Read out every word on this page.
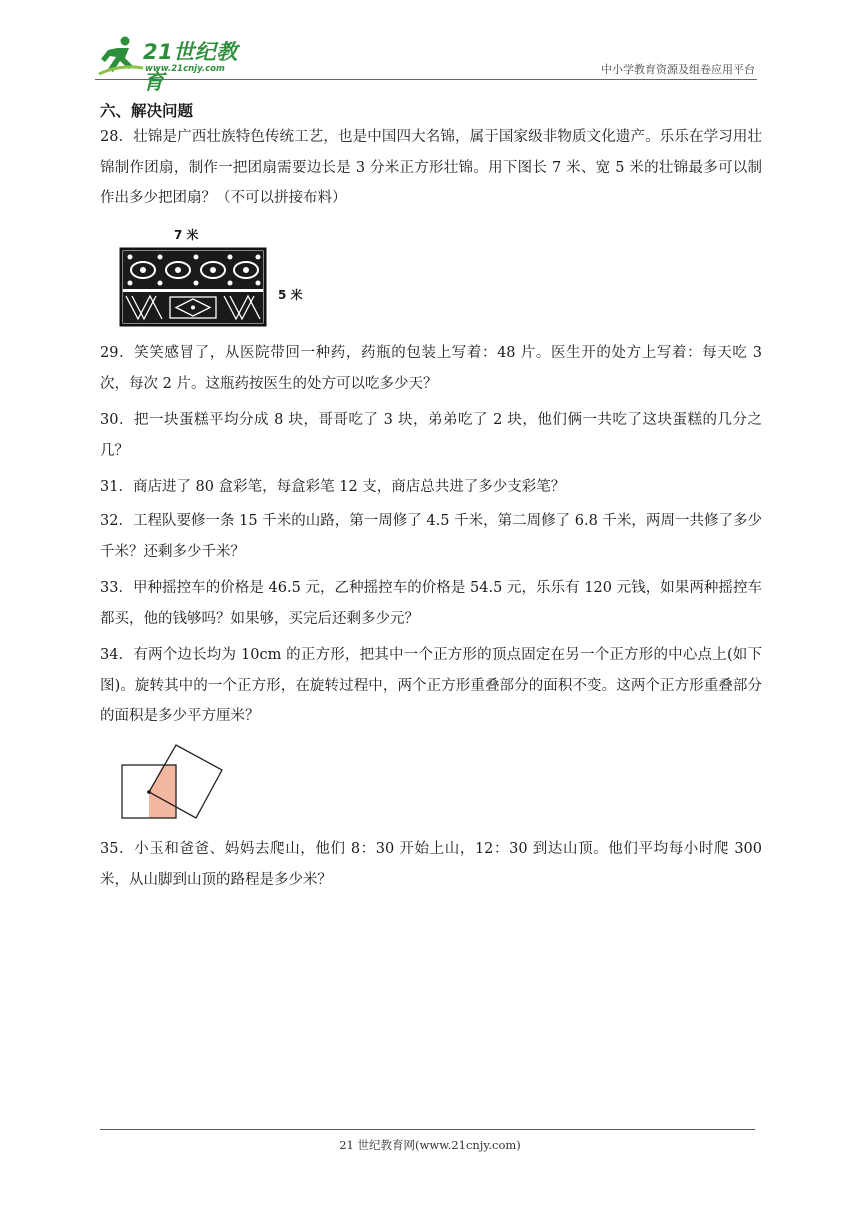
21世纪教育
www.21cnjy.com	中小学教育资源及组卷应用平台
六、解决问题
28．壮锦是广西壮族特色传统工艺，也是中国四大名锦，属于国家级非物质文化遗产。乐乐在学习用壮锦制作团扇，制作一把团扇需要边长是 3 分米正方形壮锦。用下图长 7 米、宽 5 米的壮锦最多可以制作出多少把团扇？（不可以拼接布料）
7 米
5 米
29．笑笑感冒了，从医院带回一种药，药瓶的包装上写着：48 片。医生开的处方上写着：每天吃 3 次，每次 2 片。这瓶药按医生的处方可以吃多少天？
30．把一块蛋糕平均分成 8 块，哥哥吃了 3 块，弟弟吃了 2 块，他们俩一共吃了这块蛋糕的几分之几？
31．商店进了 80 盒彩笔，每盒彩笔 12 支，商店总共进了多少支彩笔？
32．工程队要修一条 15 千米的山路，第一周修了 4.5 千米，第二周修了 6.8 千米，两周一共修了多少千米？还剩多少千米？
33．甲种摇控车的价格是 46.5 元，乙种摇控车的价格是 54.5 元，乐乐有 120 元钱，如果两种摇控车都买，他的钱够吗？如果够，买完后还剩多少元？
34．有两个边长均为 10cm 的正方形，把其中一个正方形的顶点固定在另一个正方形的中心点上(如下图)。旋转其中的一个正方形，在旋转过程中，两个正方形重叠部分的面积不变。这两个正方形重叠部分的面积是多少平方厘米？
35．小玉和爸爸、妈妈去爬山，他们 8：30 开始上山，12：30 到达山顶。他们平均每小时爬 300 米，从山脚到山顶的路程是多少米？
21 世纪教育网(www.21cnjy.com)
